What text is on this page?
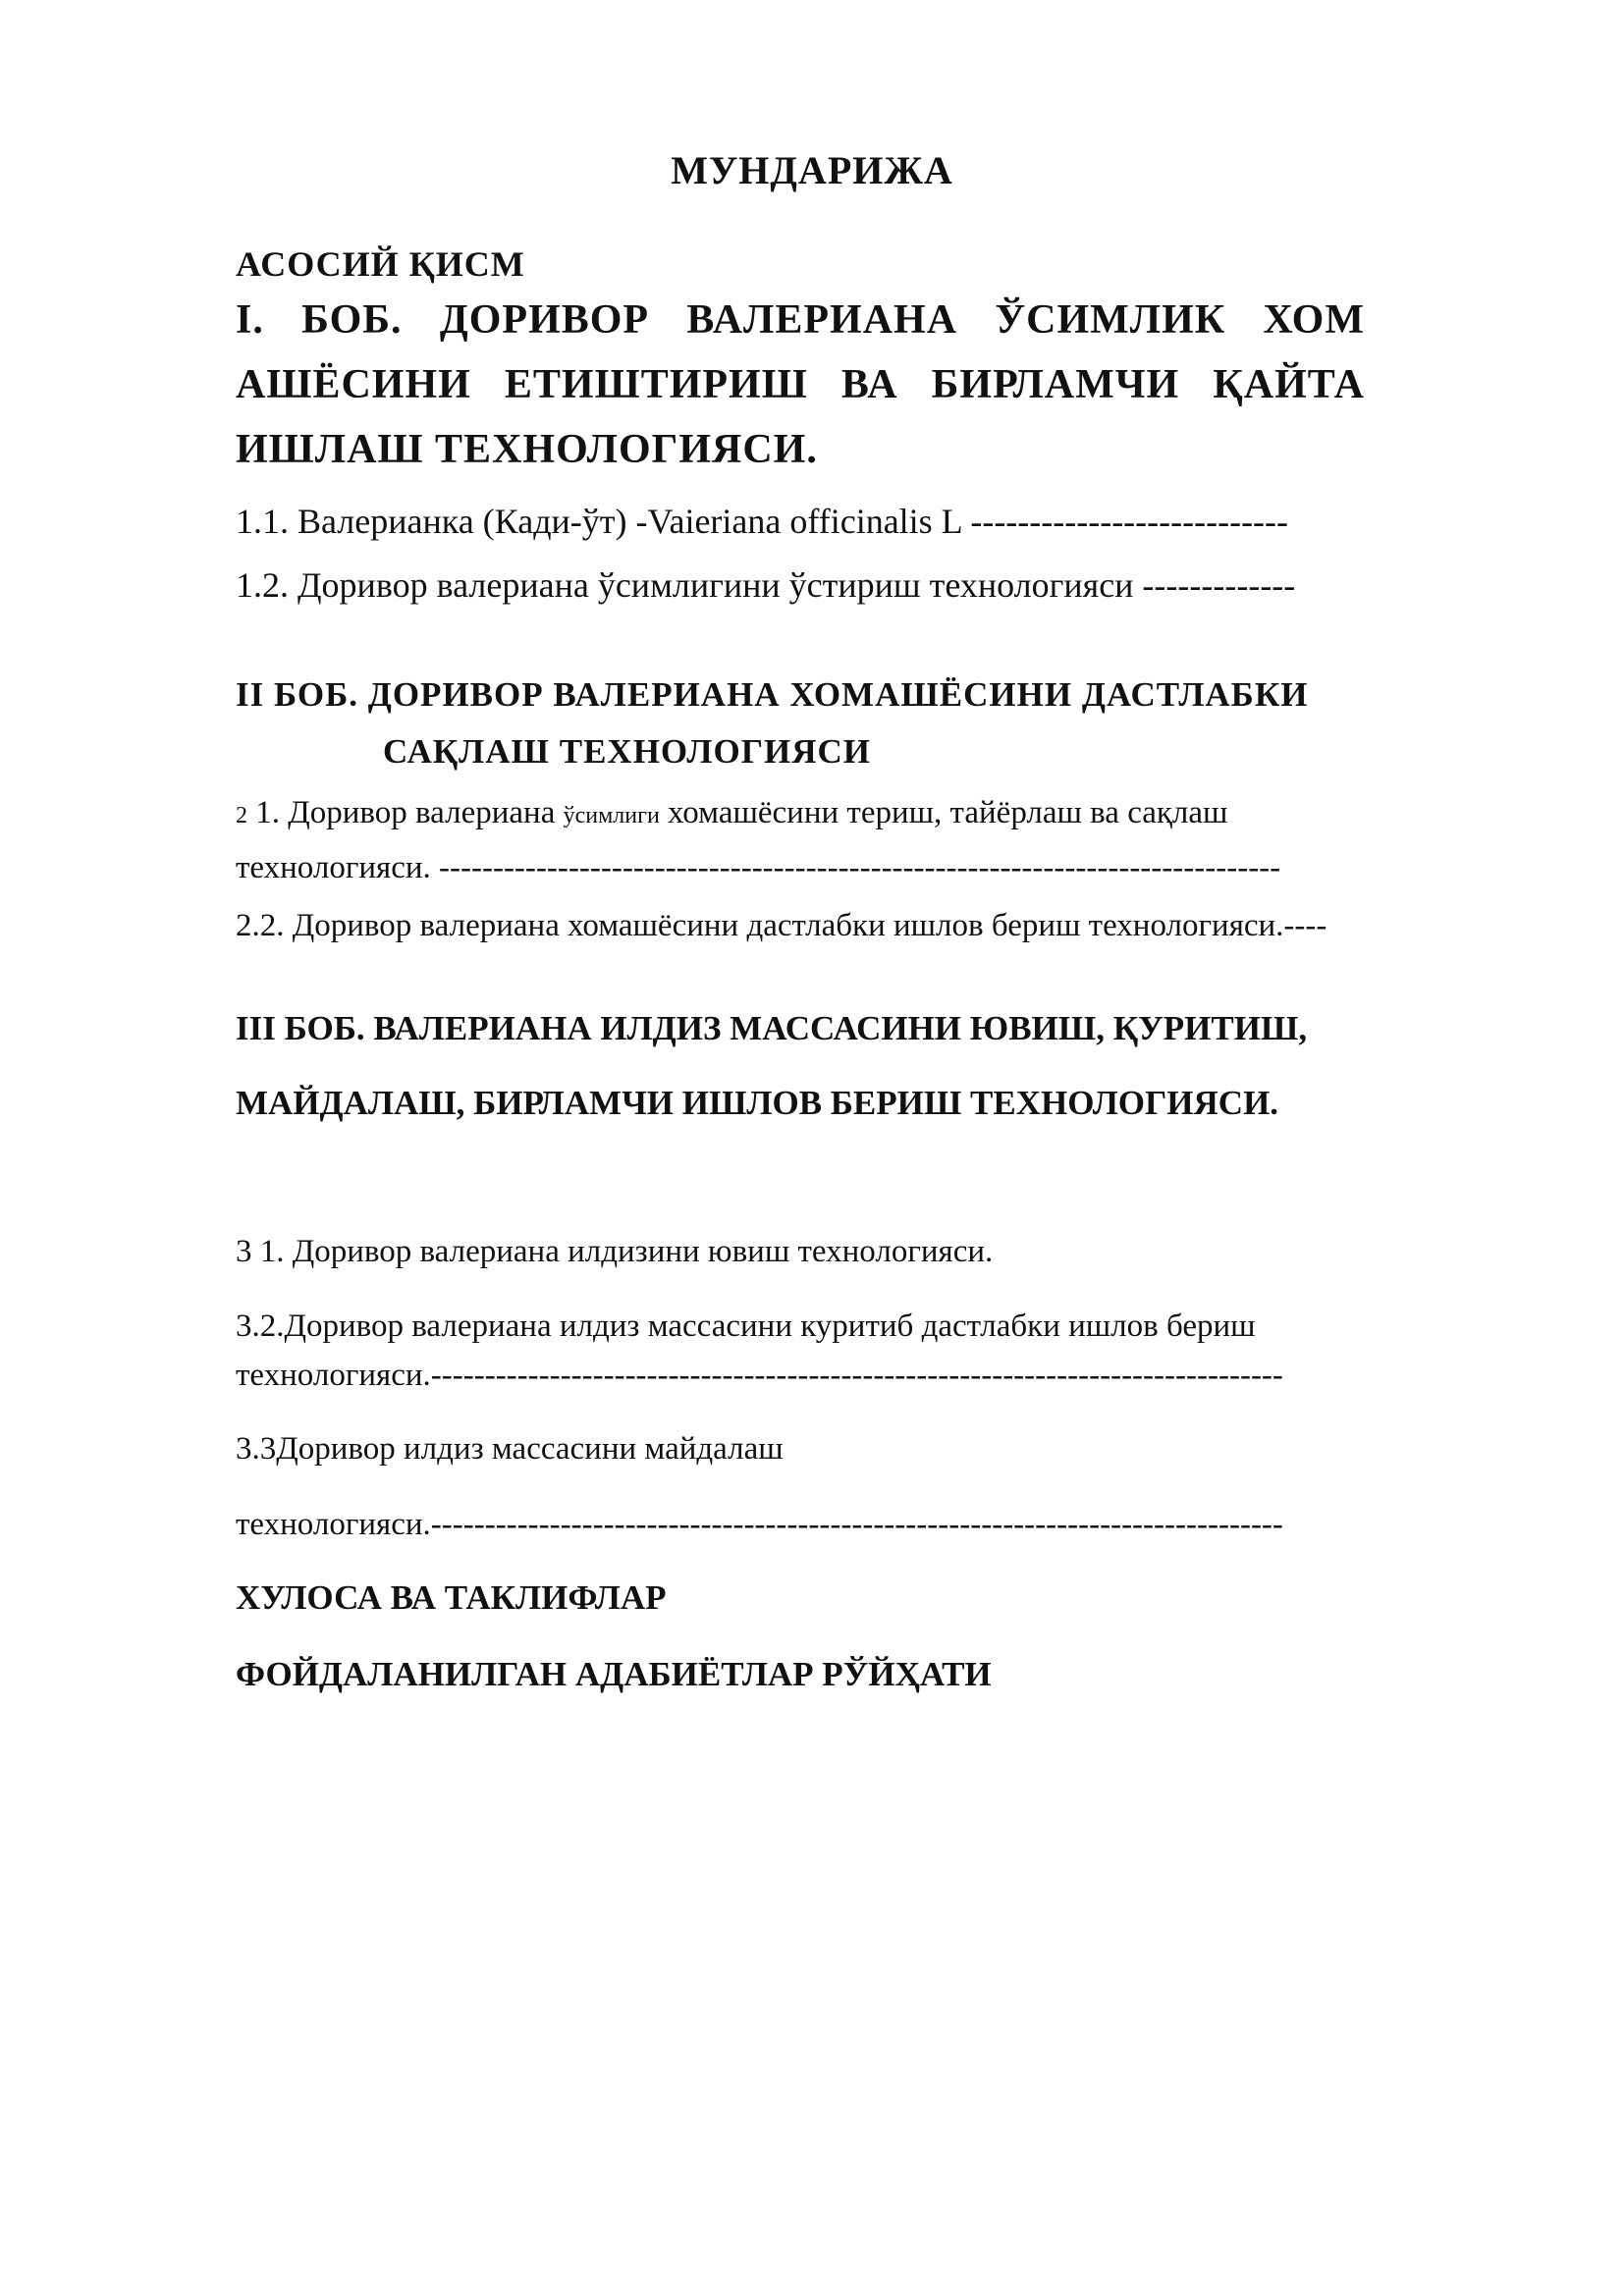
МУНДАРИЖА
АСОСИЙ ҚИСМ
I. БОБ. ДОРИВОР ВАЛЕРИАНА ЎСИМЛИК ХОМ
АШЁСИНИ ЕТИШТИРИШ ВА БИРЛАМЧИ ҚАЙТА
ИШЛАШ ТЕХНОЛОГИЯСИ.
1.1. Валерианка (Кади-ўт) -Vaieriana officinalis L ---------------------------
1.2. Доривор валериана ўсимлигини ўстириш технологияси -------------
II БОБ. ДОРИВОР ВАЛЕРИАНА ХОМАШЁСИНИ ДАСТЛАБКИ
САҚЛАШ ТЕХНОЛОГИЯСИ
2 1. Доривор валериана ўсимлиги хомашёсини териш, тайёрлаш ва сақлаш
технологияси. ------------------------------------------------------------------------------
2.2. Доривор валериана хомашёсини дастлабки ишлов бериш технологияси.----
III БОБ. ВАЛЕРИАНА ИЛДИЗ МАССАСИНИ ЮВИШ, ҚУРИТИШ,
МАЙДАЛАШ, БИРЛАМЧИ ИШЛОВ БЕРИШ ТЕХНОЛОГИЯСИ.
3 1. Доривор валериана илдизини ювиш технологияси.
3.2.Доривор валериана илдиз массасини куритиб дастлабки ишлов бериш
технологияси.-------------------------------------------------------------------------------
3.3Доривор илдиз массасини майдалаш
технологияси.-------------------------------------------------------------------------------
ХУЛОСА ВА ТАКЛИФЛАР
ФОЙДАЛАНИЛГАН АДАБИЁТЛАР РЎЙҲАТИ
